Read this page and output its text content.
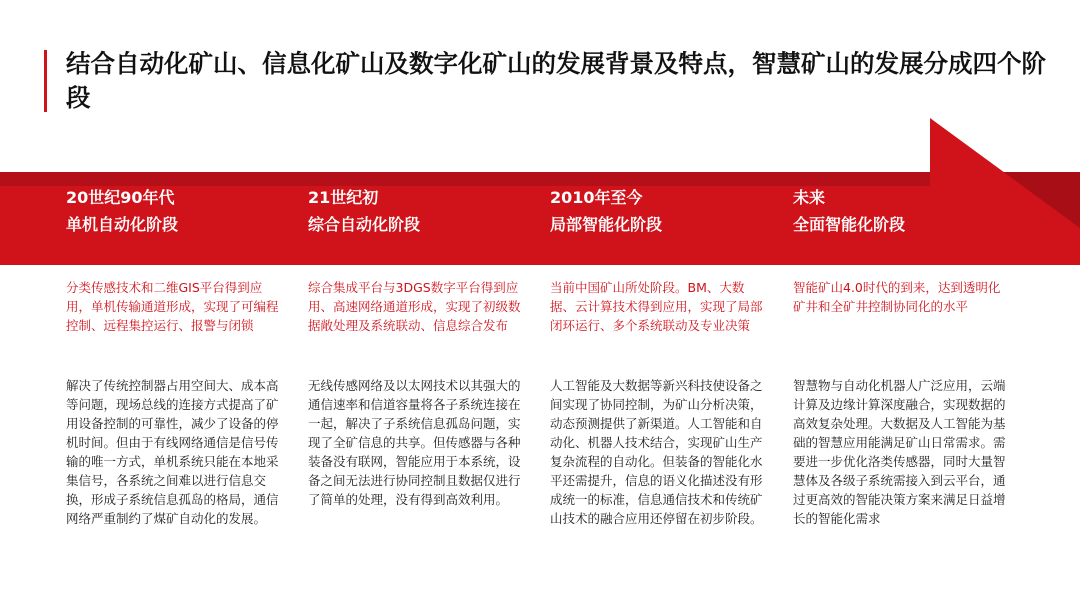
结合自动化矿山、信息化矿山及数字化矿山的发展背景及特点，智慧矿山的发展分成四个阶段
20世纪90年代
单机自动化阶段
21世纪初
综合自动化阶段
2010年至今
局部智能化阶段
未来
全面智能化阶段
分类传感技术和二维GIS平台得到应用，单机传输通道形成，实现了可编程控制、远程集控运行、报警与闭锁
综合集成平台与3DGS数字平台得到应用、高速网络通道形成，实现了初级数据敞处理及系统联动、信息综合发布
当前中国矿山所处阶段。BM、大数据、云计算技术得到应用，实现了局部闭环运行、多个系统联动及专业决策
智能矿山4.0时代的到来，达到透明化矿井和全矿井控制协同化的水平
解决了传统控制器占用空间大、成本高等问题，现场总线的连接方式提高了矿用设备控制的可靠性，减少了设备的停机时间。但由于有线网络通信是信号传输的唯一方式，单机系统只能在本地采集信号，各系统之间难以进行信息交换，形成子系统信息孤岛的格局，通信网络严重制约了煤矿自动化的发展。
无线传感网络及以太网技术以其强大的通信速率和信道容量将各子系统连接在一起，解决了子系统信息孤岛问题，实现了全矿信息的共享。但传感器与各种装备没有联网，智能应用于本系统，设备之间无法进行协同控制且数据仅进行了简单的处理，没有得到高效利用。
人工智能及大数据等新兴科技使设备之间实现了协同控制，为矿山分析决策，动态预测提供了新渠道。人工智能和自动化、机器人技术结合，实现矿山生产复杂流程的自动化。但装备的智能化水平还需提升，信息的语义化描述没有形成统一的标准，信息通信技术和传统矿山技术的融合应用还停留在初步阶段。
智慧物与自动化机器人广泛应用，云端计算及边缘计算深度融合，实现数据的高效复杂处理。大数据及人工智能为基础的智慧应用能满足矿山日常需求。需要进一步优化洛类传感器，同时大量智慧体及各级子系统需接入到云平台，通过更高效的智能决策方案来满足日益增长的智能化需求
